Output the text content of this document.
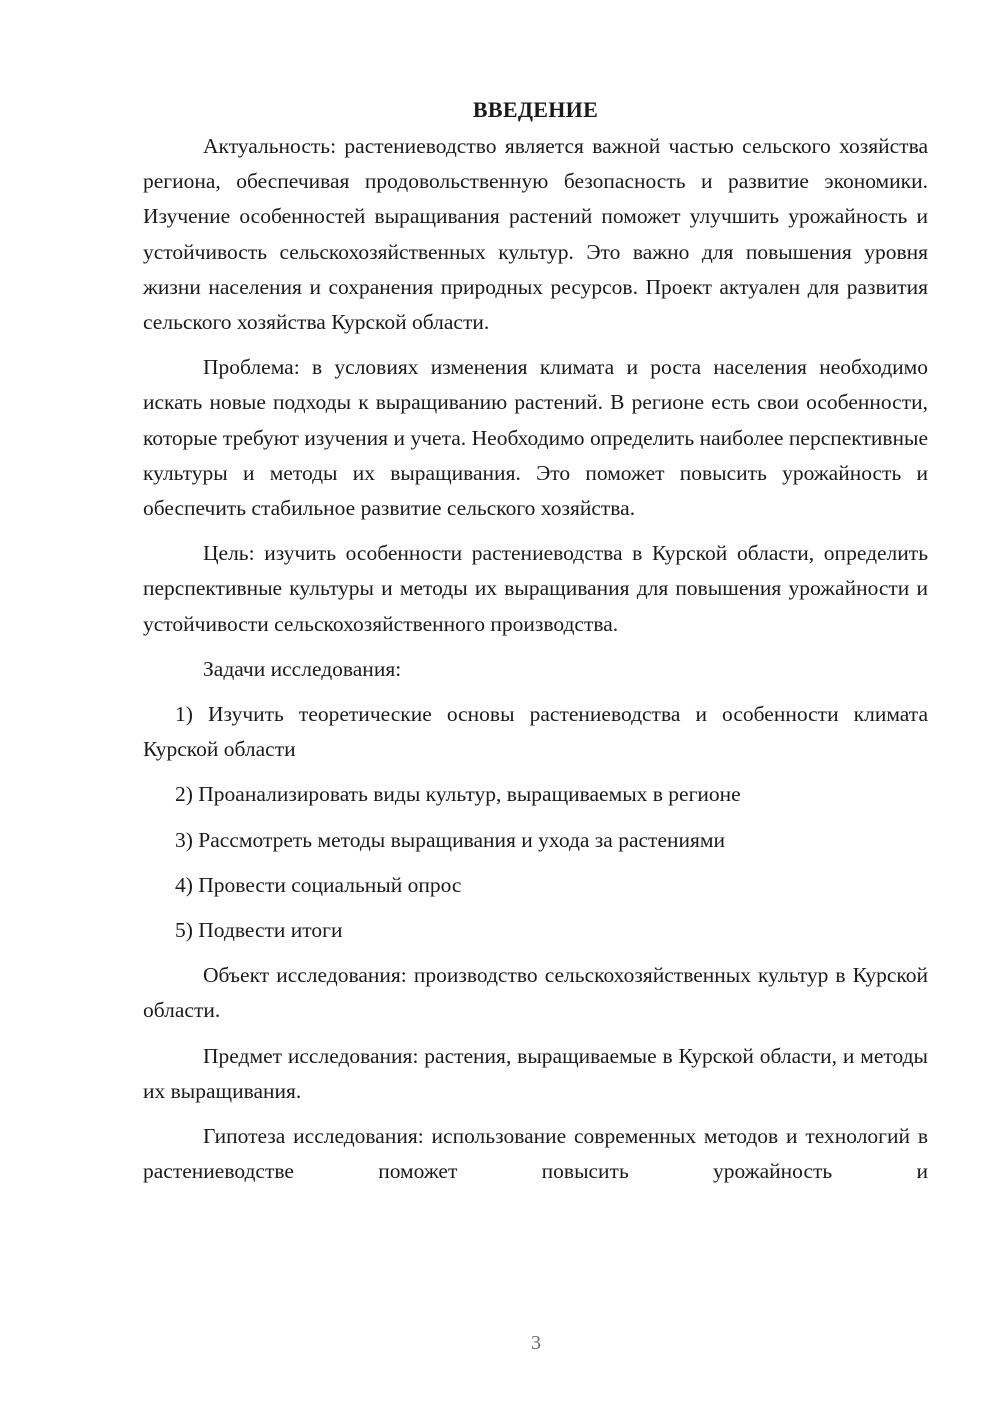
ВВЕДЕНИЕ

Актуальность: растениеводство является важной частью сельского хозяйства региона, обеспечивая продовольственную безопасность и развитие экономики. Изучение особенностей выращивания растений поможет улучшить урожайность и устойчивость сельскохозяйственных культур. Это важно для повышения уровня жизни населения и сохранения природных ресурсов. Проект актуален для развития сельского хозяйства Курской области.

Проблема: в условиях изменения климата и роста населения необходимо искать новые подходы к выращиванию растений. В регионе есть свои особенности, которые требуют изучения и учета. Необходимо определить наиболее перспективные культуры и методы их выращивания. Это поможет повысить урожайность и обеспечить стабильное развитие сельского хозяйства.

Цель: изучить особенности растениеводства в Курской области, определить перспективные культуры и методы их выращивания для повышения урожайности и устойчивости сельскохозяйственного производства.

Задачи исследования:

1) Изучить теоретические основы растениеводства и особенности климата Курской области

2) Проанализировать виды культур, выращиваемых в регионе

3) Рассмотреть методы выращивания и ухода за растениями

4) Провести социальный опрос

5) Подвести итоги

Объект исследования: производство сельскохозяйственных культур в Курской области.

Предмет исследования: растения, выращиваемые в Курской области, и методы их выращивания.

Гипотеза исследования: использование современных методов и технологий в растениеводстве поможет повысить урожайность и

3
